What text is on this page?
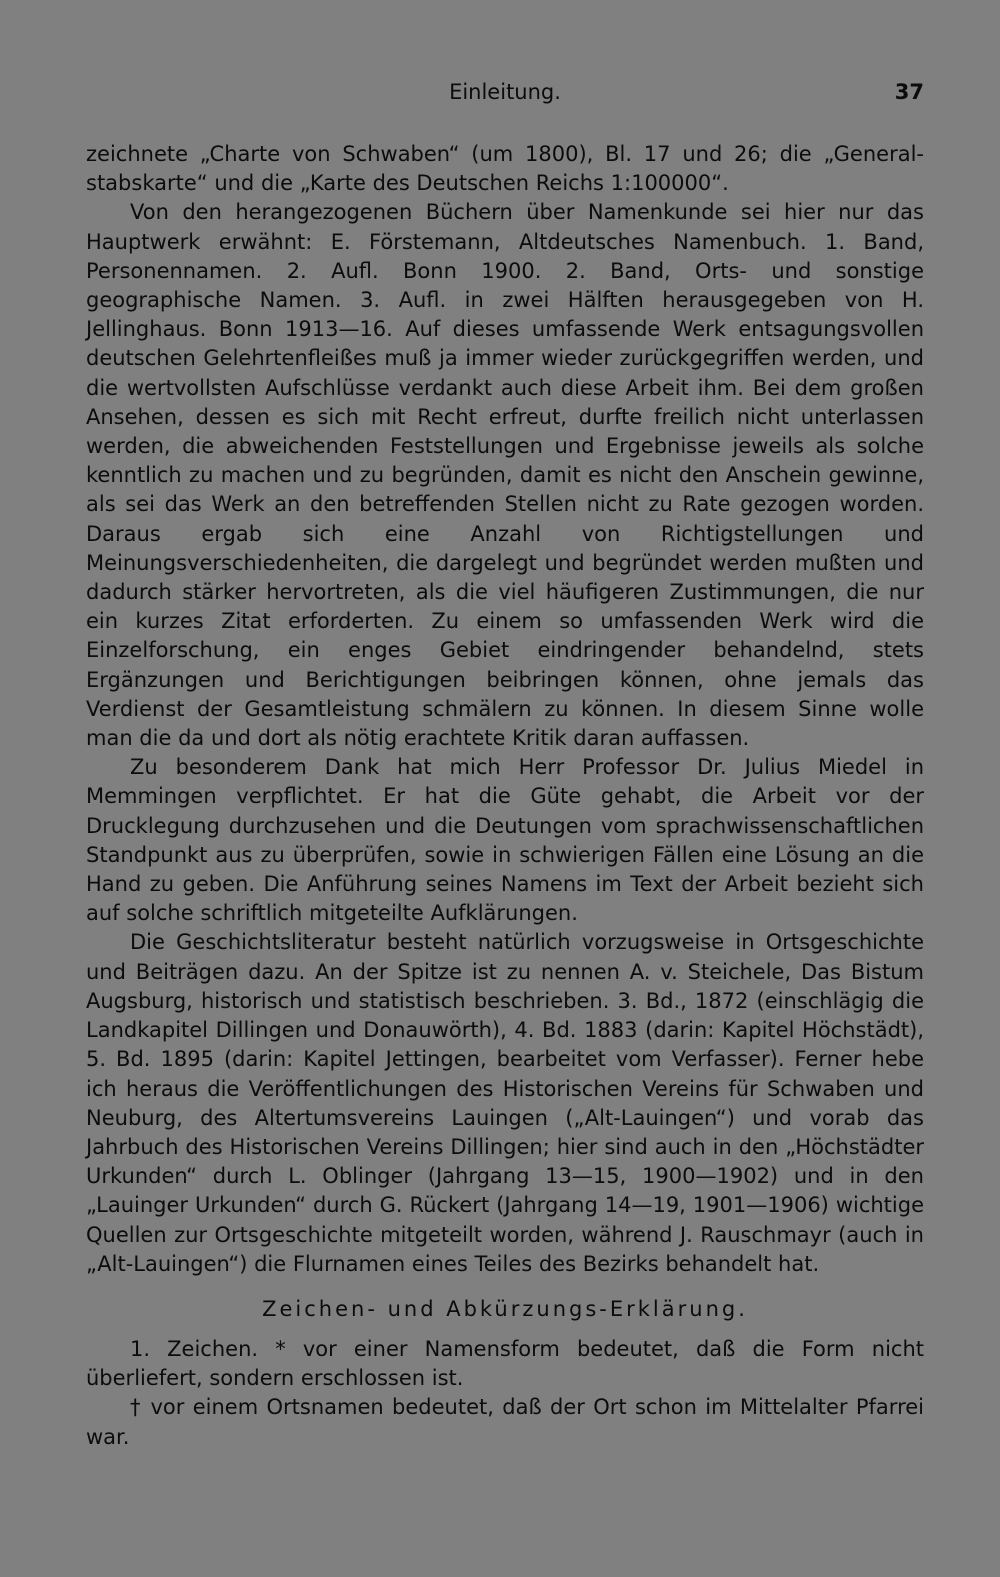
Einleitung.	37

zeichnete „Charte von Schwaben“ (um 1800), Bl. 17 und 26; die „General-stabskarte“ und die „Karte des Deutschen Reichs 1:100000“.

Von den herangezogenen Büchern über Namenkunde sei hier nur das Hauptwerk erwähnt: E. Förstemann, Altdeutsches Namenbuch. 1. Band, Personennamen. 2. Aufl. Bonn 1900. 2. Band, Orts- und sonstige geographische Namen. 3. Aufl. in zwei Hälften herausgegeben von H. Jellinghaus. Bonn 1913—16. Auf dieses umfassende Werk entsagungsvollen deutschen Gelehrtenfleißes muß ja immer wieder zurückgegriffen werden, und die wertvollsten Aufschlüsse verdankt auch diese Arbeit ihm. Bei dem großen Ansehen, dessen es sich mit Recht erfreut, durfte freilich nicht unterlassen werden, die abweichenden Feststellungen und Ergebnisse jeweils als solche kenntlich zu machen und zu begründen, damit es nicht den Anschein gewinne, als sei das Werk an den betreffenden Stellen nicht zu Rate gezogen worden. Daraus ergab sich eine Anzahl von Richtigstellungen und Meinungsverschiedenheiten, die dargelegt und begründet werden mußten und dadurch stärker hervortreten, als die viel häufigeren Zustimmungen, die nur ein kurzes Zitat erforderten. Zu einem so umfassenden Werk wird die Einzelforschung, ein enges Gebiet eindringender behandelnd, stets Ergänzungen und Berichtigungen beibringen können, ohne jemals das Verdienst der Gesamtleistung schmälern zu können. In diesem Sinne wolle man die da und dort als nötig erachtete Kritik daran auffassen.

Zu besonderem Dank hat mich Herr Professor Dr. Julius Miedel in Memmingen verpflichtet. Er hat die Güte gehabt, die Arbeit vor der Drucklegung durchzusehen und die Deutungen vom sprachwissenschaftlichen Standpunkt aus zu überprüfen, sowie in schwierigen Fällen eine Lösung an die Hand zu geben. Die Anführung seines Namens im Text der Arbeit bezieht sich auf solche schriftlich mitgeteilte Aufklärungen.

Die Geschichtsliteratur besteht natürlich vorzugsweise in Ortsgeschichte und Beiträgen dazu. An der Spitze ist zu nennen A. v. Steichele, Das Bistum Augsburg, historisch und statistisch beschrieben. 3. Bd., 1872 (einschlägig die Landkapitel Dillingen und Donauwörth), 4. Bd. 1883 (darin: Kapitel Höchstädt), 5. Bd. 1895 (darin: Kapitel Jettingen, bearbeitet vom Verfasser). Ferner hebe ich heraus die Veröffentlichungen des Historischen Vereins für Schwaben und Neuburg, des Altertumsvereins Lauingen („Alt-Lauingen“) und vorab das Jahrbuch des Historischen Vereins Dillingen; hier sind auch in den „Höchstädter Urkunden“ durch L. Oblinger (Jahrgang 13—15, 1900—1902) und in den „Lauinger Urkunden“ durch G. Rückert (Jahrgang 14—19, 1901—1906) wichtige Quellen zur Ortsgeschichte mitgeteilt worden, während J. Rauschmayr (auch in „Alt-Lauingen“) die Flurnamen eines Teiles des Bezirks behandelt hat.

Zeichen- und Abkürzungs-Erklärung.

1. Zeichen. * vor einer Namensform bedeutet, daß die Form nicht überliefert, sondern erschlossen ist.

† vor einem Ortsnamen bedeutet, daß der Ort schon im Mittelalter Pfarrei war.
